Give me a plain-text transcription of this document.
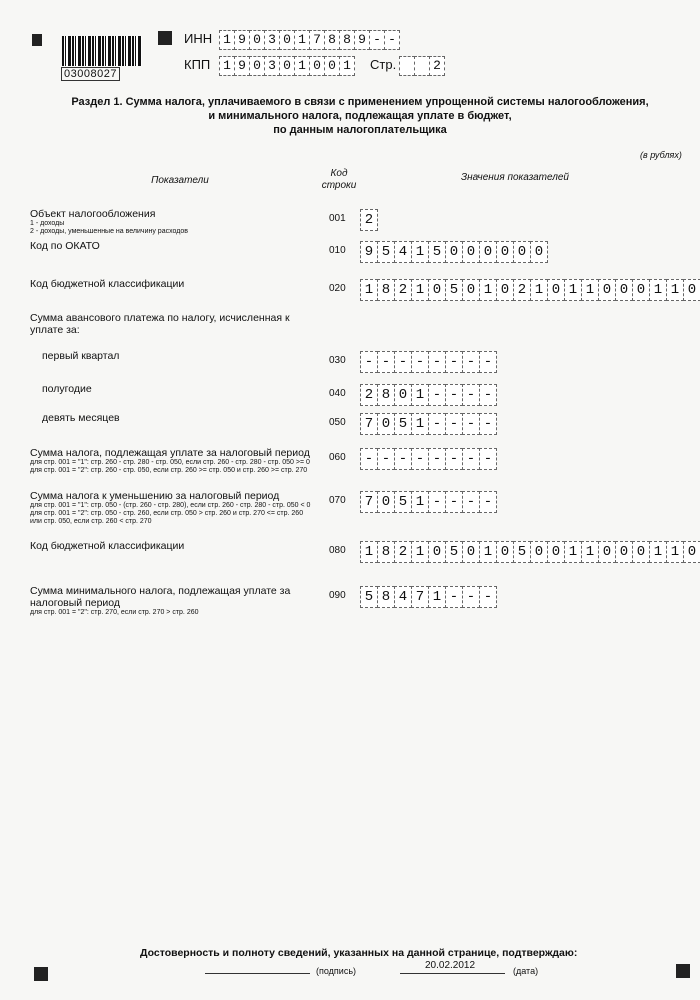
03008027
ИНН 1 9 0 3 0 1 7 8 8 9 - -
КПП 1 9 0 3 0 1 0 0 1	Стр.	2
Раздел 1. Сумма налога, уплачиваемого в связи с применением упрощенной системы налогообложения,
и минимального налога, подлежащая уплате в бюджет,
по данным налогоплательщика
(в рублях)
Показатели
Код строки
Значения показателей
Объект налогообложения
1 - доходы
2 - доходы, уменьшенные на величину расходов
001	2
Код по ОКАТО	010	9 5 4 1 5 0 0 0 0 0 0
Код бюджетной классификации	020	1 8 2 1 0 5 0 1 0 2 1 0 1 1 0 0 0 1 1 0
Сумма авансового платежа по налогу, исчисленная к уплате за:
первый квартал	030	- - - - - - - -
полугодие	040	2 8 0 1 - - - -
девять месяцев	050	7 0 5 1 - - - -
Сумма налога, подлежащая уплате за налоговый период
для стр. 001 = "1": стр. 260 - стр. 280 - стр. 050, если стр. 260 - стр. 280 - стр. 050 >= 0
для стр. 001 = "2": стр. 260 - стр. 050, если стр. 260 >= стр. 050 и стр. 260 >= стр. 270
060	- - - - - - - -
Сумма налога к уменьшению за налоговый период
для стр. 001 = "1": стр. 050 - (стр. 260 - стр. 280), если стр. 260 - стр. 280 - стр. 050 < 0
для стр. 001 = "2": стр. 050 - стр. 260, если стр. 050 > стр. 260 и стр. 270 <= стр. 260
или стр. 050, если стр. 260 < стр. 270
070	7 0 5 1 - - - -
Код бюджетной классификации	080	1 8 2 1 0 5 0 1 0 5 0 0 1 1 0 0 0 1 1 0
Сумма минимального налога, подлежащая уплате за налоговый период
для стр. 001 = "2": стр. 270, если стр. 270 > стр. 260
090	5 8 4 7 1 - - -
Достоверность и полноту сведений, указанных на данной странице, подтверждаю:
(подпись)	20.02.2012	(дата)
